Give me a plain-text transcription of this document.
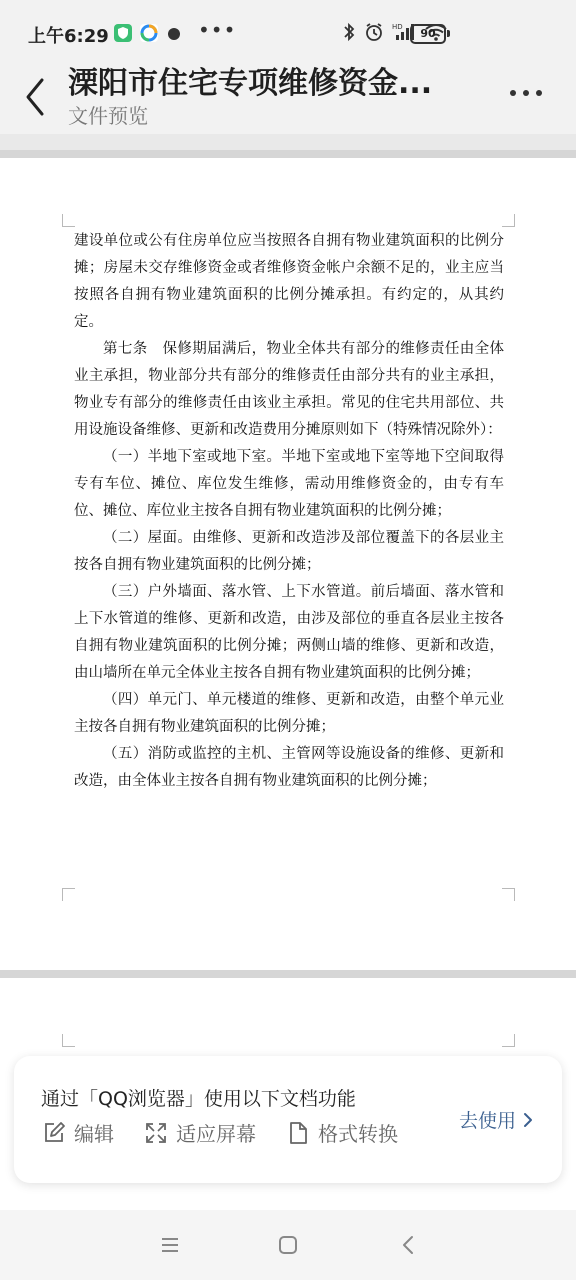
上午6:29	•••	HD	90
溧阳市住宅专项维修资金...
文件预览

建设单位或公有住房单位应当按照各自拥有物业建筑面积的比例分摊；房屋未交存维修资金或者维修资金帐户余额不足的，业主应当按照各自拥有物业建筑面积的比例分摊承担。有约定的，从其约定。

第七条　保修期届满后，物业全体共有部分的维修责任由全体业主承担，物业部分共有部分的维修责任由部分共有的业主承担，物业专有部分的维修责任由该业主承担。常见的住宅共用部位、共用设施设备维修、更新和改造费用分摊原则如下（特殊情况除外）：

（一）半地下室或地下室。半地下室或地下室等地下空间取得专有车位、摊位、库位发生维修，需动用维修资金的，由专有车位、摊位、库位业主按各自拥有物业建筑面积的比例分摊；

（二）屋面。由维修、更新和改造涉及部位覆盖下的各层业主按各自拥有物业建筑面积的比例分摊；

（三）户外墙面、落水管、上下水管道。前后墙面、落水管和上下水管道的维修、更新和改造，由涉及部位的垂直各层业主按各自拥有物业建筑面积的比例分摊；两侧山墙的维修、更新和改造，由山墙所在单元全体业主按各自拥有物业建筑面积的比例分摊；

（四）单元门、单元楼道的维修、更新和改造，由整个单元业主按各自拥有物业建筑面积的比例分摊；

（五）消防或监控的主机、主管网等设施设备的维修、更新和改造，由全体业主按各自拥有物业建筑面积的比例分摊；

通过「QQ浏览器」使用以下文档功能
编辑	适应屏幕	格式转换
去使用
